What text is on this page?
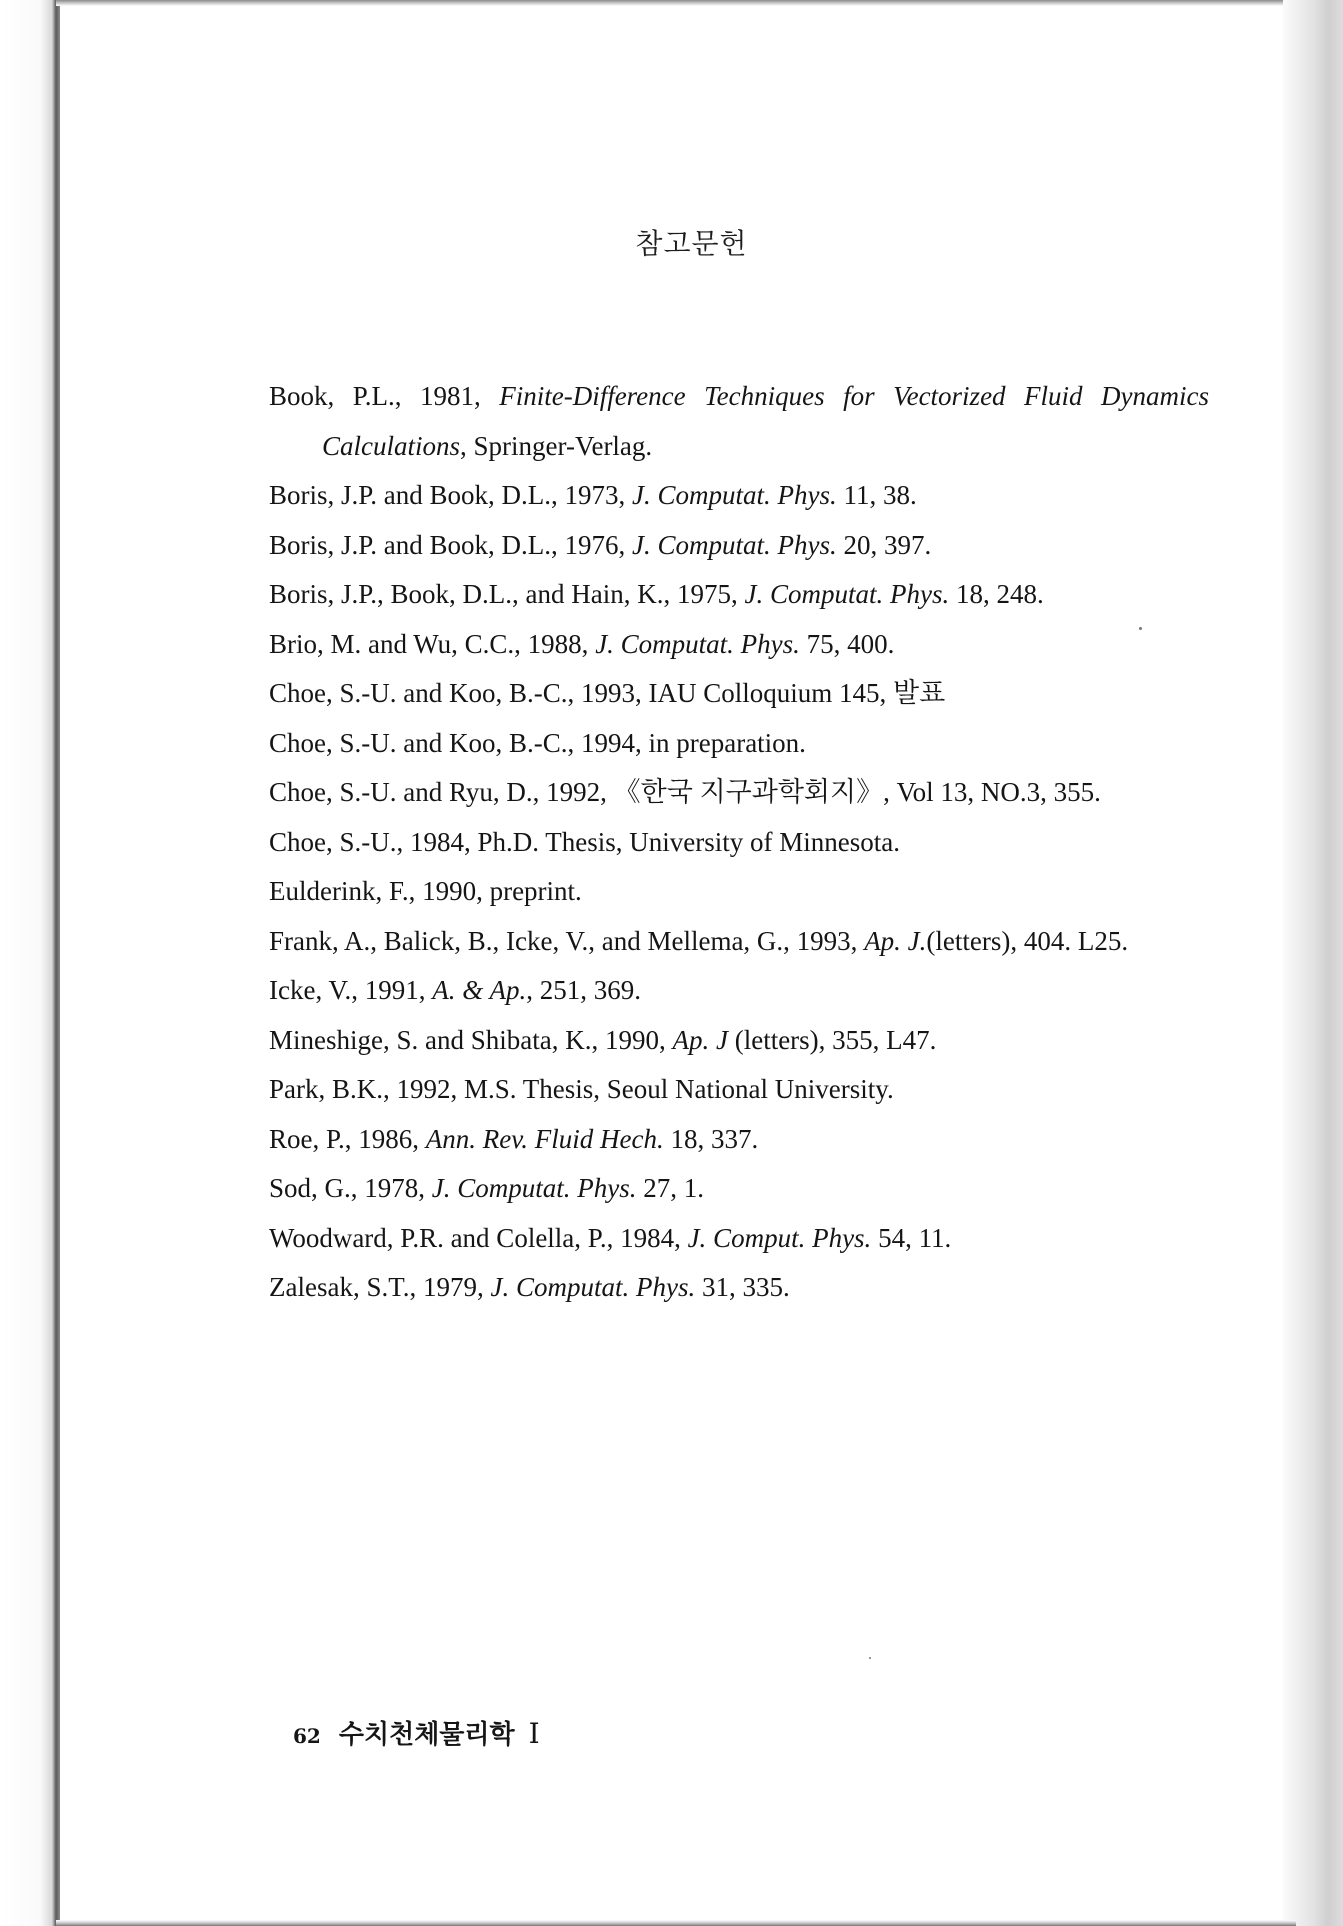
참고문헌
Book, P.L., 1981, Finite-Difference Techniques for Vectorized Fluid Dynamics Calculations, Springer-Verlag.
Boris, J.P. and Book, D.L., 1973, J. Computat. Phys. 11, 38.
Boris, J.P. and Book, D.L., 1976, J. Computat. Phys. 20, 397.
Boris, J.P., Book, D.L., and Hain, K., 1975, J. Computat. Phys. 18, 248.
Brio, M. and Wu, C.C., 1988, J. Computat. Phys. 75, 400.
Choe, S.-U. and Koo, B.-C., 1993, IAU Colloquium 145, 발표
Choe, S.-U. and Koo, B.-C., 1994, in preparation.
Choe, S.-U. and Ryu, D., 1992, 《한국 지구과학회지》, Vol 13, NO.3, 355.
Choe, S.-U., 1984, Ph.D. Thesis, University of Minnesota.
Eulderink, F., 1990, preprint.
Frank, A., Balick, B., Icke, V., and Mellema, G., 1993, Ap. J.(letters), 404. L25.
Icke, V., 1991, A. & Ap., 251, 369.
Mineshige, S. and Shibata, K., 1990, Ap. J (letters), 355, L47.
Park, B.K., 1992, M.S. Thesis, Seoul National University.
Roe, P., 1986, Ann. Rev. Fluid Hech. 18, 337.
Sod, G., 1978, J. Computat. Phys. 27, 1.
Woodward, P.R. and Colella, P., 1984, J. Comput. Phys. 54, 11.
Zalesak, S.T., 1979, J. Computat. Phys. 31, 335.
62 수치천체물리학 I
